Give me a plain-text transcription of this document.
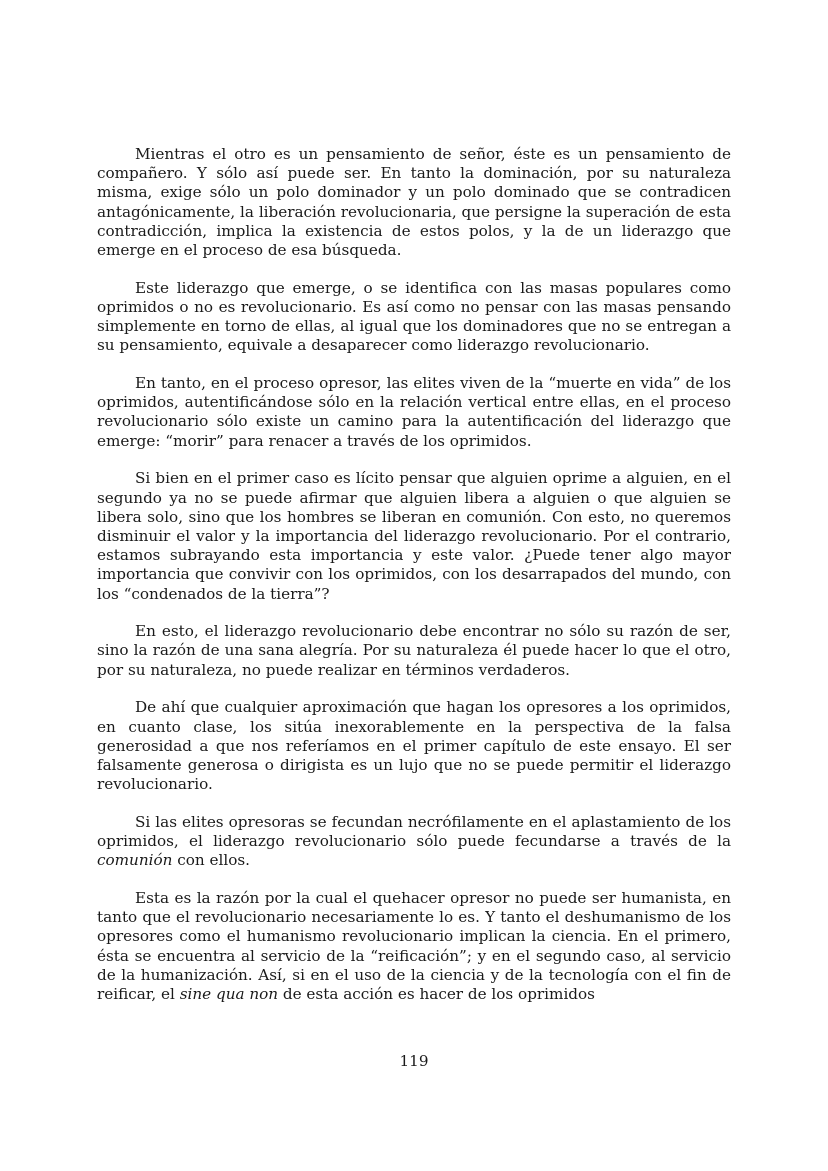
Mientras el otro es un pensamiento de señor, éste es un pensamiento de compañero. Y sólo así puede ser. En tanto la dominación, por su naturaleza misma, exige sólo un polo dominador y un polo dominado que se contradicen antagónicamente, la liberación revolucionaria, que persigne la superación de esta contradicción, implica la existencia de estos polos, y la de un liderazgo que emerge en el proceso de esa búsqueda.

Este liderazgo que emerge, o se identifica con las masas populares como oprimidos o no es revolucionario. Es así como no pensar con las masas pensando simplemente en torno de ellas, al igual que los dominadores que no se entregan a su pensamiento, equivale a desaparecer como liderazgo revolucionario.

En tanto, en el proceso opresor, las elites viven de la “muerte en vida” de los oprimidos, autentificándose sólo en la relación vertical entre ellas, en el proceso revolucionario sólo existe un camino para la autentificación del liderazgo que emerge: “morir” para renacer a través de los oprimidos.

Si bien en el primer caso es lícito pensar que alguien oprime a alguien, en el segundo ya no se puede afirmar que alguien libera a alguien o que alguien se libera solo, sino que los hombres se liberan en comunión. Con esto, no queremos disminuir el valor y la importancia del liderazgo revolucionario. Por el contrario, estamos subrayando esta importancia y este valor. ¿Puede tener algo mayor importancia que convivir con los oprimidos, con los desarrapados del mundo, con los “condenados de la tierra”?

En esto, el liderazgo revolucionario debe encontrar no sólo su razón de ser, sino la razón de una sana alegría. Por su naturaleza él puede hacer lo que el otro, por su naturaleza, no puede realizar en términos verdaderos.

De ahí que cualquier aproximación que hagan los opresores a los oprimidos, en cuanto clase, los sitúa inexorablemente en la perspectiva de la falsa generosidad a que nos referíamos en el primer capítulo de este ensayo. El ser falsamente generosa o dirigista es un lujo que no se puede permitir el liderazgo revolucionario.

Si las elites opresoras se fecundan necrófilamente en el aplastamiento de los oprimidos, el liderazgo revolucionario sólo puede fecundarse a través de la comunión con ellos.

Esta es la razón por la cual el quehacer opresor no puede ser humanista, en tanto que el revolucionario necesariamente lo es. Y tanto el deshumanismo de los opresores como el humanismo revolucionario implican la ciencia. En el primero, ésta se encuentra al servicio de la “reificación”; y en el segundo caso, al servicio de la humanización. Así, si en el uso de la ciencia y de la tecnología con el fin de reificar, el sine qua non de esta acción es hacer de los oprimidos

119
